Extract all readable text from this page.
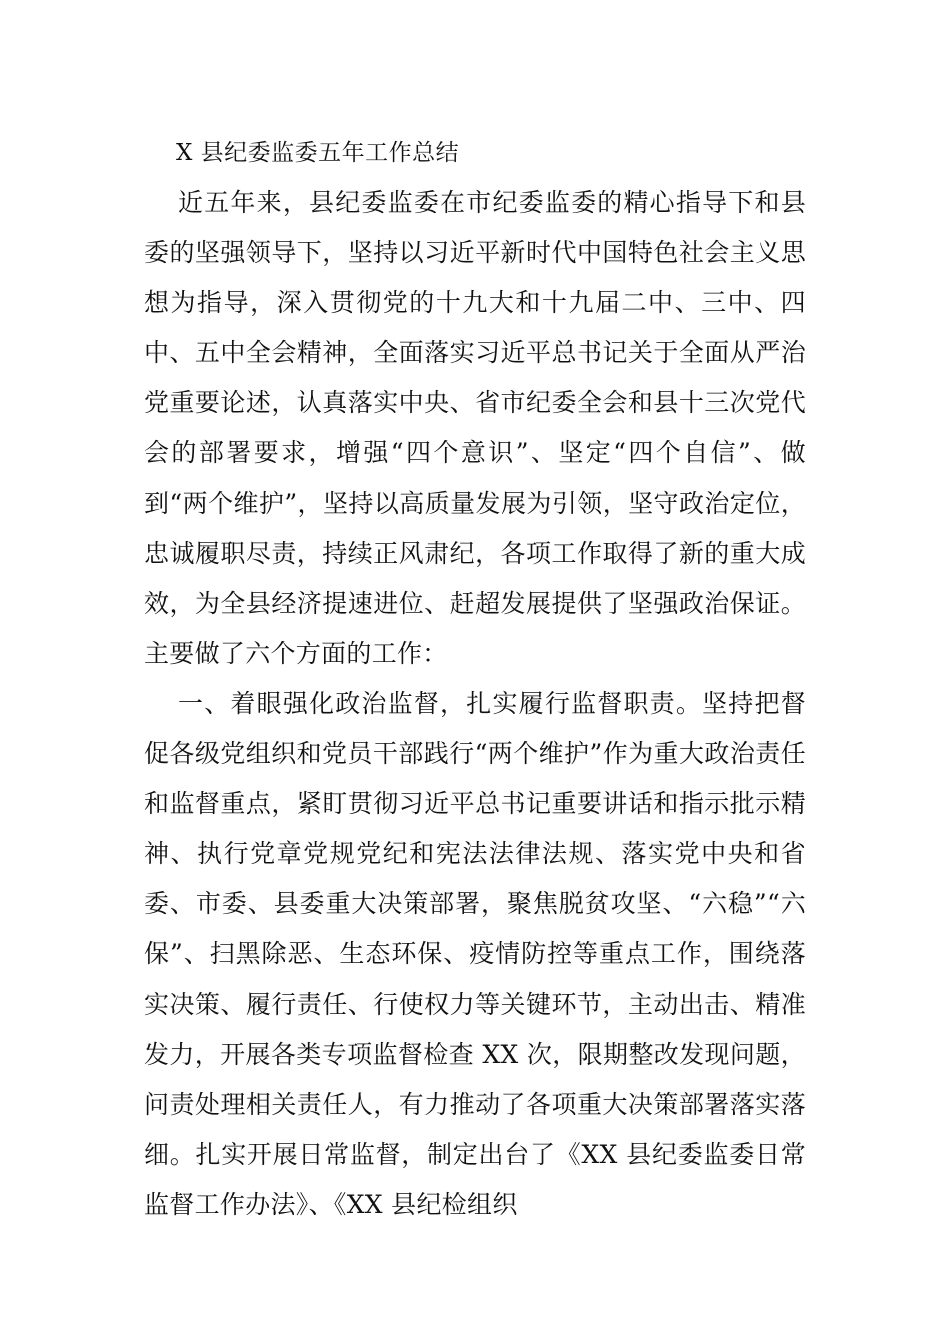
X 县纪委监委五年工作总结

近五年来，县纪委监委在市纪委监委的精心指导下和县委的坚强领导下，坚持以习近平新时代中国特色社会主义思想为指导，深入贯彻党的十九大和十九届二中、三中、四中、五中全会精神，全面落实习近平总书记关于全面从严治党重要论述，认真落实中央、省市纪委全会和县十三次党代会的部署要求，增强“四个意识”、坚定“四个自信”、做到“两个维护”，坚持以高质量发展为引领，坚守政治定位，忠诚履职尽责，持续正风肃纪，各项工作取得了新的重大成效，为全县经济提速进位、赶超发展提供了坚强政治保证。主要做了六个方面的工作：

一、着眼强化政治监督，扎实履行监督职责。坚持把督促各级党组织和党员干部践行“两个维护”作为重大政治责任和监督重点，紧盯贯彻习近平总书记重要讲话和指示批示精神、执行党章党规党纪和宪法法律法规、落实党中央和省委、市委、县委重大决策部署，聚焦脱贫攻坚、“六稳”“六保”、扫黑除恶、生态环保、疫情防控等重点工作，围绕落实决策、履行责任、行使权力等关键环节，主动出击、精准发力，开展各类专项监督检查 XX 次，限期整改发现问题，问责处理相关责任人，有力推动了各项重大决策部署落实落细。扎实开展日常监督，制定出台了《XX 县纪委监委日常监督工作办法》、《XX 县纪检组织
